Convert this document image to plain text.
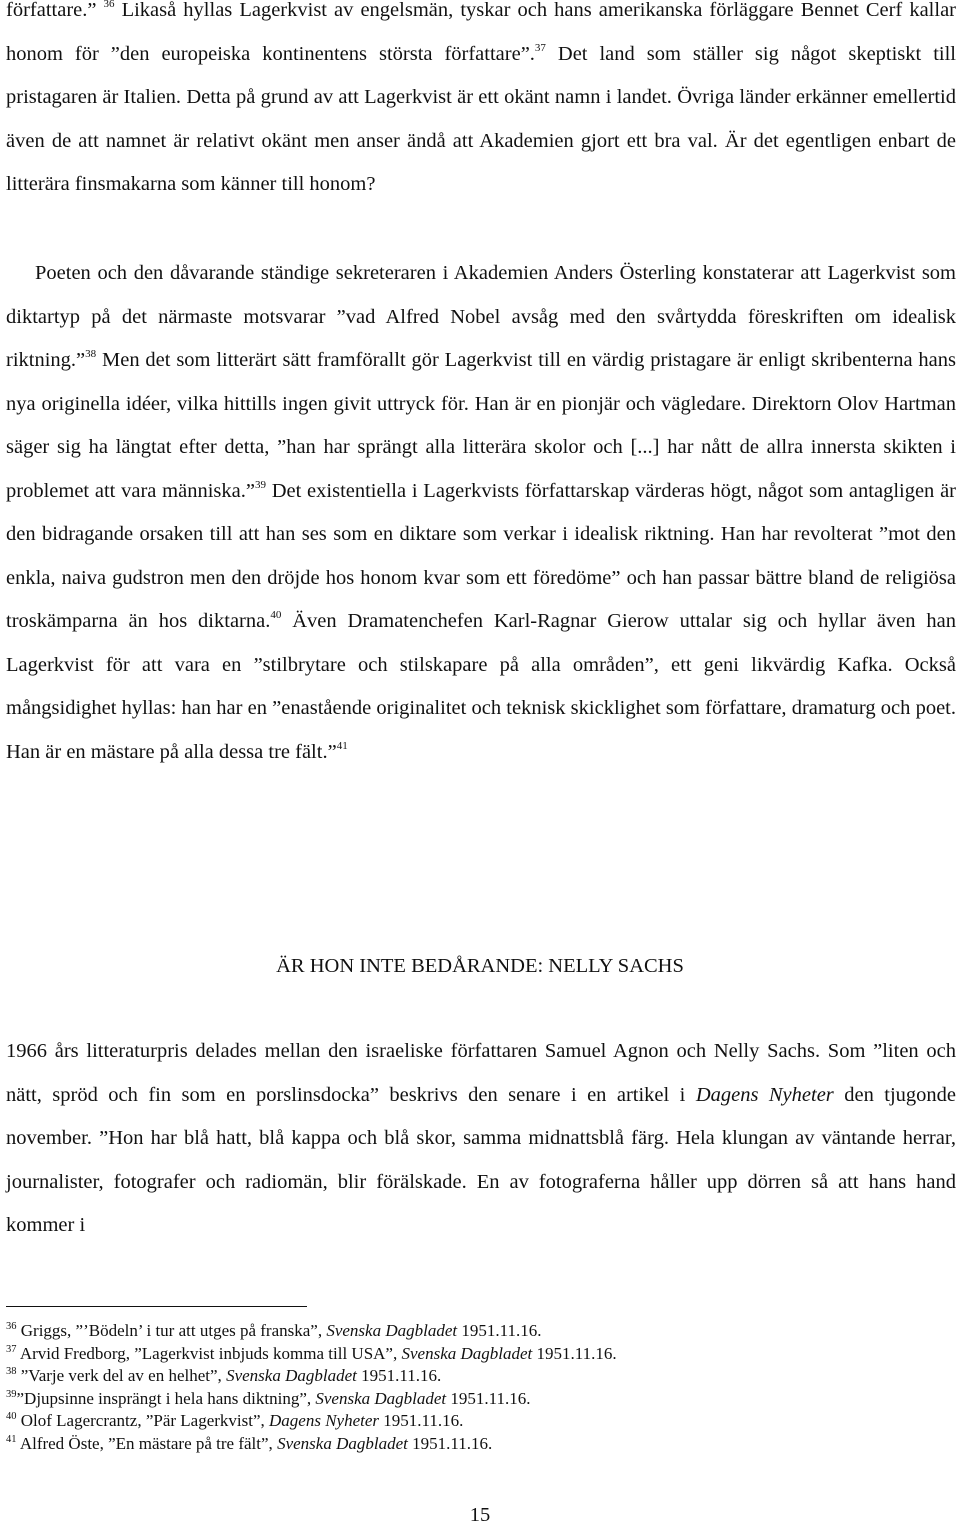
författare.” $^{36}$ Likaså hyllas Lagerkvist av engelsmän, tyskar och hans amerikanska förläggare Bennet Cerf kallar honom för ”den europeiska kontinentens största författare”.$^{37}$ Det land som ställer sig något skeptiskt till pristagaren är Italien. Detta på grund av att Lagerkvist är ett okänt namn i landet. Övriga länder erkänner emellertid även de att namnet är relativt okänt men anser ändå att Akademien gjort ett bra val. Är det egentligen enbart de litterära finsmakarna som känner till honom?

Poeten och den dåvarande ständige sekreteraren i Akademien Anders Österling konstaterar att Lagerkvist som diktartyp på det närmaste motsvarar ”vad Alfred Nobel avsåg med den svårtydda föreskriften om idealisk riktning.”$^{38}$ Men det som litterärt sätt framförallt gör Lagerkvist till en värdig pristagare är enligt skribenterna hans nya originella idéer, vilka hittills ingen givit uttryck för. Han är en pionjär och vägledare. Direktorn Olov Hartman säger sig ha längtat efter detta, ”han har sprängt alla litterära skolor och [...] har nått de allra innersta skikten i problemet att vara människa.”$^{39}$ Det existentiella i Lagerkvists författarskap värderas högt, något som antagligen är den bidragande orsaken till att han ses som en diktare som verkar i idealisk riktning. Han har revolterat ”mot den enkla, naiva gudstron men den dröjde hos honom kvar som ett föredöme” och han passar bättre bland de religiösa troskämparna än hos diktarna.$^{40}$ Även Dramatenchefen Karl-Ragnar Gierow uttalar sig och hyllar även han Lagerkvist för att vara en ”stilbrytare och stilskapare på alla områden”, ett geni likvärdig Kafka. Också mångsidighet hyllas: han har en ”enastående originalitet och teknisk skicklighet som författare, dramaturg och poet. Han är en mästare på alla dessa tre fält.”$^{41}$

ÄR HON INTE BEDÅRANDE: NELLY SACHS

1966 års litteraturpris delades mellan den israeliske författaren Samuel Agnon och Nelly Sachs. Som ”liten och nätt, spröd och fin som en porslinsdocka” beskrivs den senare i en artikel i Dagens Nyheter den tjugonde november. ”Hon har blå hatt, blå kappa och blå skor, samma midnattsblå färg. Hela klungan av väntande herrar, journalister, fotografer och radiomän, blir förälskade. En av fotograferna håller upp dörren så att hans hand kommer i

$^{36}$ Griggs, ”’Bödeln’ i tur att utges på franska”, Svenska Dagbladet 1951.11.16.
$^{37}$ Arvid Fredborg, ”Lagerkvist inbjuds komma till USA”, Svenska Dagbladet 1951.11.16.
$^{38}$ ”Varje verk del av en helhet”, Svenska Dagbladet 1951.11.16.
$^{39}$”Djupsinne insprängt i hela hans diktning”, Svenska Dagbladet 1951.11.16.
$^{40}$ Olof Lagercrantz, ”Pär Lagerkvist”, Dagens Nyheter 1951.11.16.
$^{41}$ Alfred Öste, ”En mästare på tre fält”, Svenska Dagbladet 1951.11.16.
15
